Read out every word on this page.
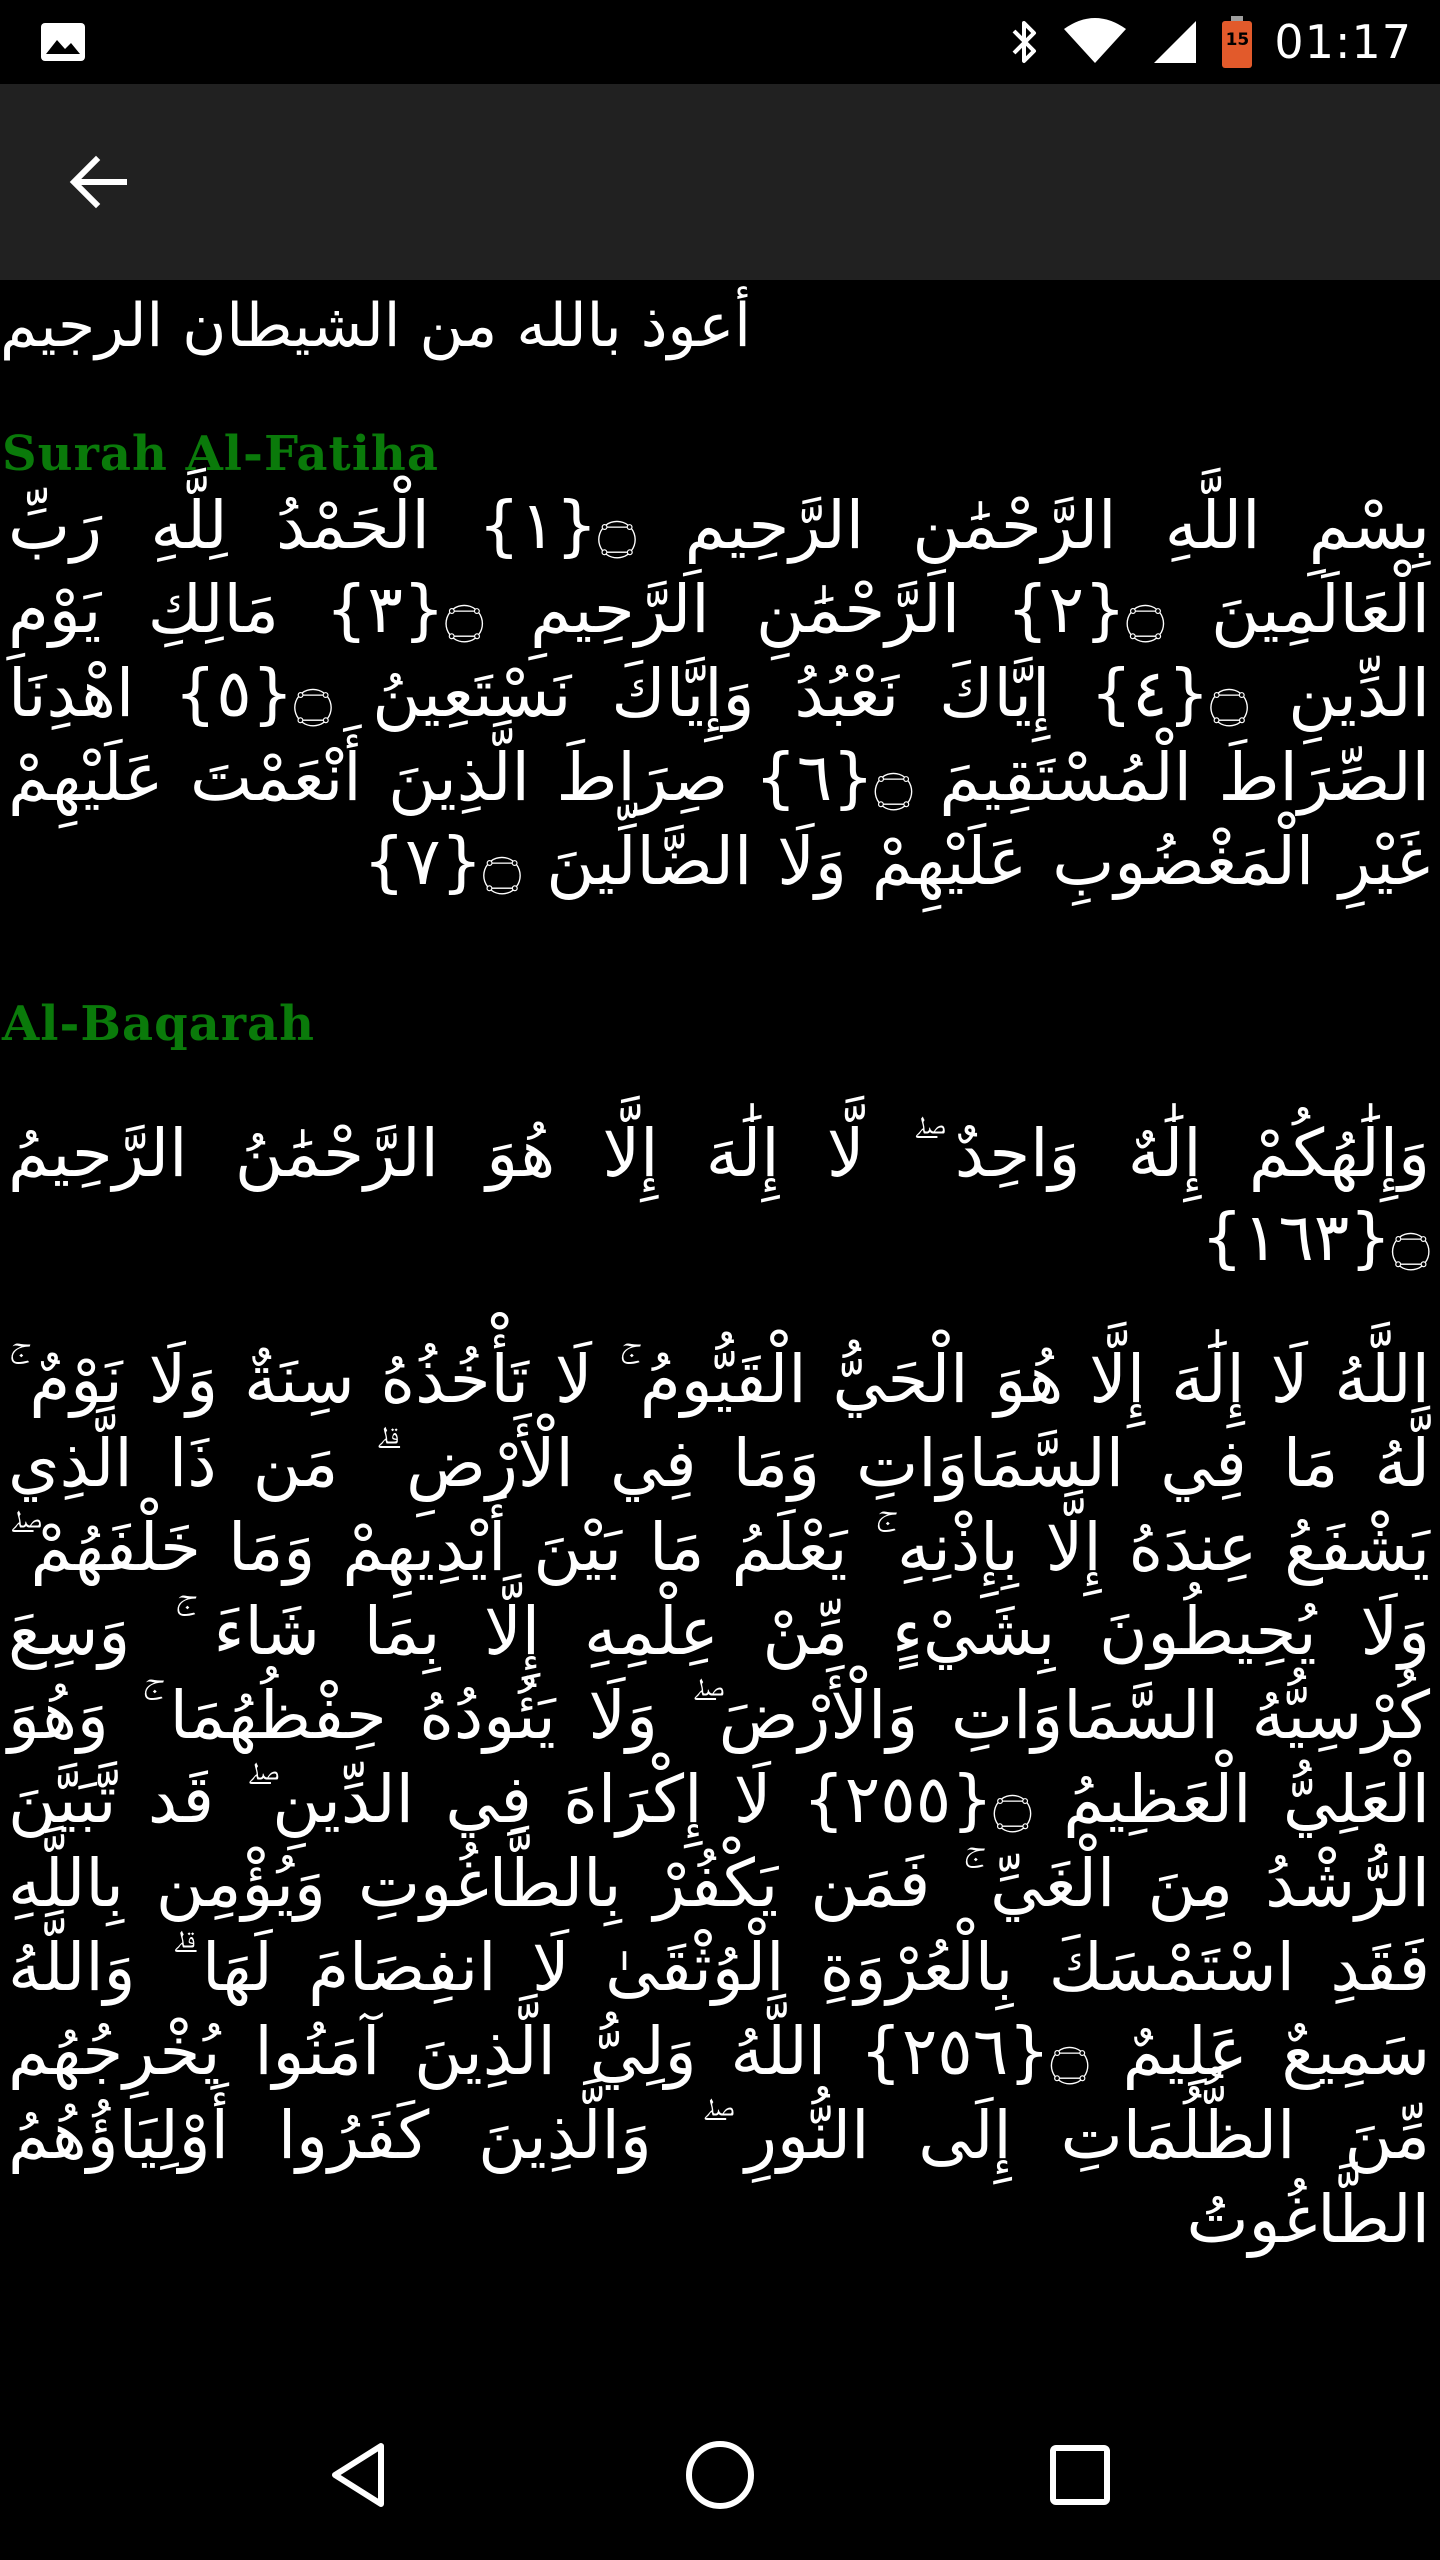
15 01:17
أعوذ بالله من الشيطان الرجيم
Surah Al-Fatiha
بِسْمِ اللَّهِ الرَّحْمَٰنِ الرَّحِيمِ ۝{١} الْحَمْدُ لِلَّهِ رَبِّ الْعَالَمِينَ ۝{٢} الرَّحْمَٰنِ الرَّحِيمِ ۝{٣} مَالِكِ يَوْمِ الدِّينِ ۝{٤} إِيَّاكَ نَعْبُدُ وَإِيَّاكَ نَسْتَعِينُ ۝{٥} اهْدِنَا الصِّرَاطَ الْمُسْتَقِيمَ ۝{٦} صِرَاطَ الَّذِينَ أَنْعَمْتَ عَلَيْهِمْ غَيْرِ الْمَغْضُوبِ عَلَيْهِمْ وَلَا الضَّالِّينَ ۝{٧}
Al-Baqarah
وَإِلَٰهُكُمْ إِلَٰهٌ وَاحِدٌ ۖ لَّا إِلَٰهَ إِلَّا هُوَ الرَّحْمَٰنُ الرَّحِيمُ ۝{١٦٣}
اللَّهُ لَا إِلَٰهَ إِلَّا هُوَ الْحَيُّ الْقَيُّومُ ۚ لَا تَأْخُذُهُ سِنَةٌ وَلَا نَوْمٌ ۚ لَّهُ مَا فِي السَّمَاوَاتِ وَمَا فِي الْأَرْضِ ۗ مَن ذَا الَّذِي يَشْفَعُ عِندَهُ إِلَّا بِإِذْنِهِ ۚ يَعْلَمُ مَا بَيْنَ أَيْدِيهِمْ وَمَا خَلْفَهُمْ ۖ وَلَا يُحِيطُونَ بِشَيْءٍ مِّنْ عِلْمِهِ إِلَّا بِمَا شَاءَ ۚ وَسِعَ كُرْسِيُّهُ السَّمَاوَاتِ وَالْأَرْضَ ۖ وَلَا يَئُودُهُ حِفْظُهُمَا ۚ وَهُوَ الْعَلِيُّ الْعَظِيمُ ۝{٢٥٥} لَا إِكْرَاهَ فِي الدِّينِ ۖ قَد تَّبَيَّنَ الرُّشْدُ مِنَ الْغَيِّ ۚ فَمَن يَكْفُرْ بِالطَّاغُوتِ وَيُؤْمِن بِاللَّهِ فَقَدِ اسْتَمْسَكَ بِالْعُرْوَةِ الْوُثْقَىٰ لَا انفِصَامَ لَهَا ۗ وَاللَّهُ سَمِيعٌ عَلِيمٌ ۝{٢٥٦} اللَّهُ وَلِيُّ الَّذِينَ آمَنُوا يُخْرِجُهُم مِّنَ الظُّلُمَاتِ إِلَى النُّورِ ۖ وَالَّذِينَ كَفَرُوا أَوْلِيَاؤُهُمُ الطَّاغُوتُ
